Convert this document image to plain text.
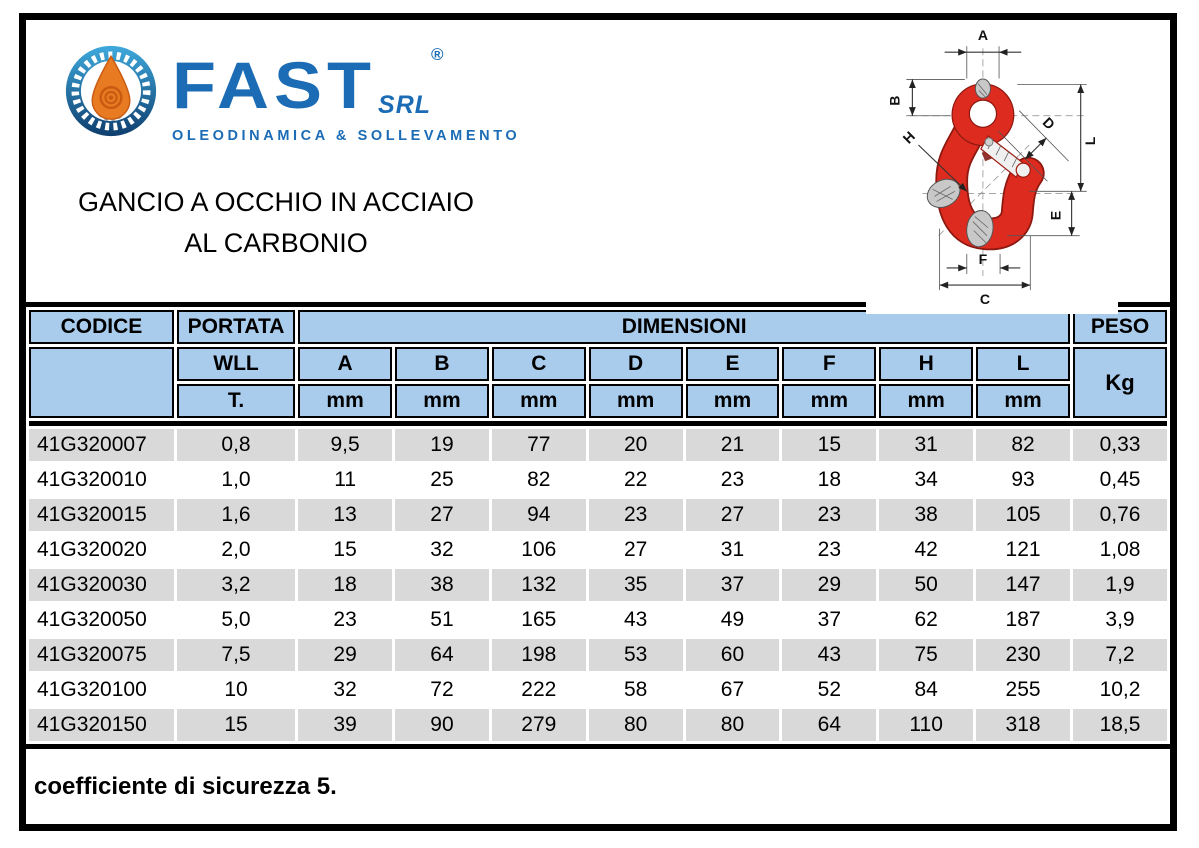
FAST SRL
®
OLEODINAMICA & SOLLEVAMENTO
GANCIO A OCCHIO IN ACCIAIO
AL CARBONIO
A
B
H
D
L
E
F
C
CODICE	PORTATA	DIMENSIONI								PESO
	WLL	A	B	C	D	E	F	H	L	Kg
	T.	mm	mm	mm	mm	mm	mm	mm	mm	

41G320007	0,8	9,5	19	77	20	21	15	31	82	0,33
41G320010	1,0	11	25	82	22	23	18	34	93	0,45
41G320015	1,6	13	27	94	23	27	23	38	105	0,76
41G320020	2,0	15	32	106	27	31	23	42	121	1,08
41G320030	3,2	18	38	132	35	37	29	50	147	1,9
41G320050	5,0	23	51	165	43	49	37	62	187	3,9
41G320075	7,5	29	64	198	53	60	43	75	230	7,2
41G320100	10	32	72	222	58	67	52	84	255	10,2
41G320150	15	39	90	279	80	80	64	110	318	18,5
coefficiente di sicurezza 5.
